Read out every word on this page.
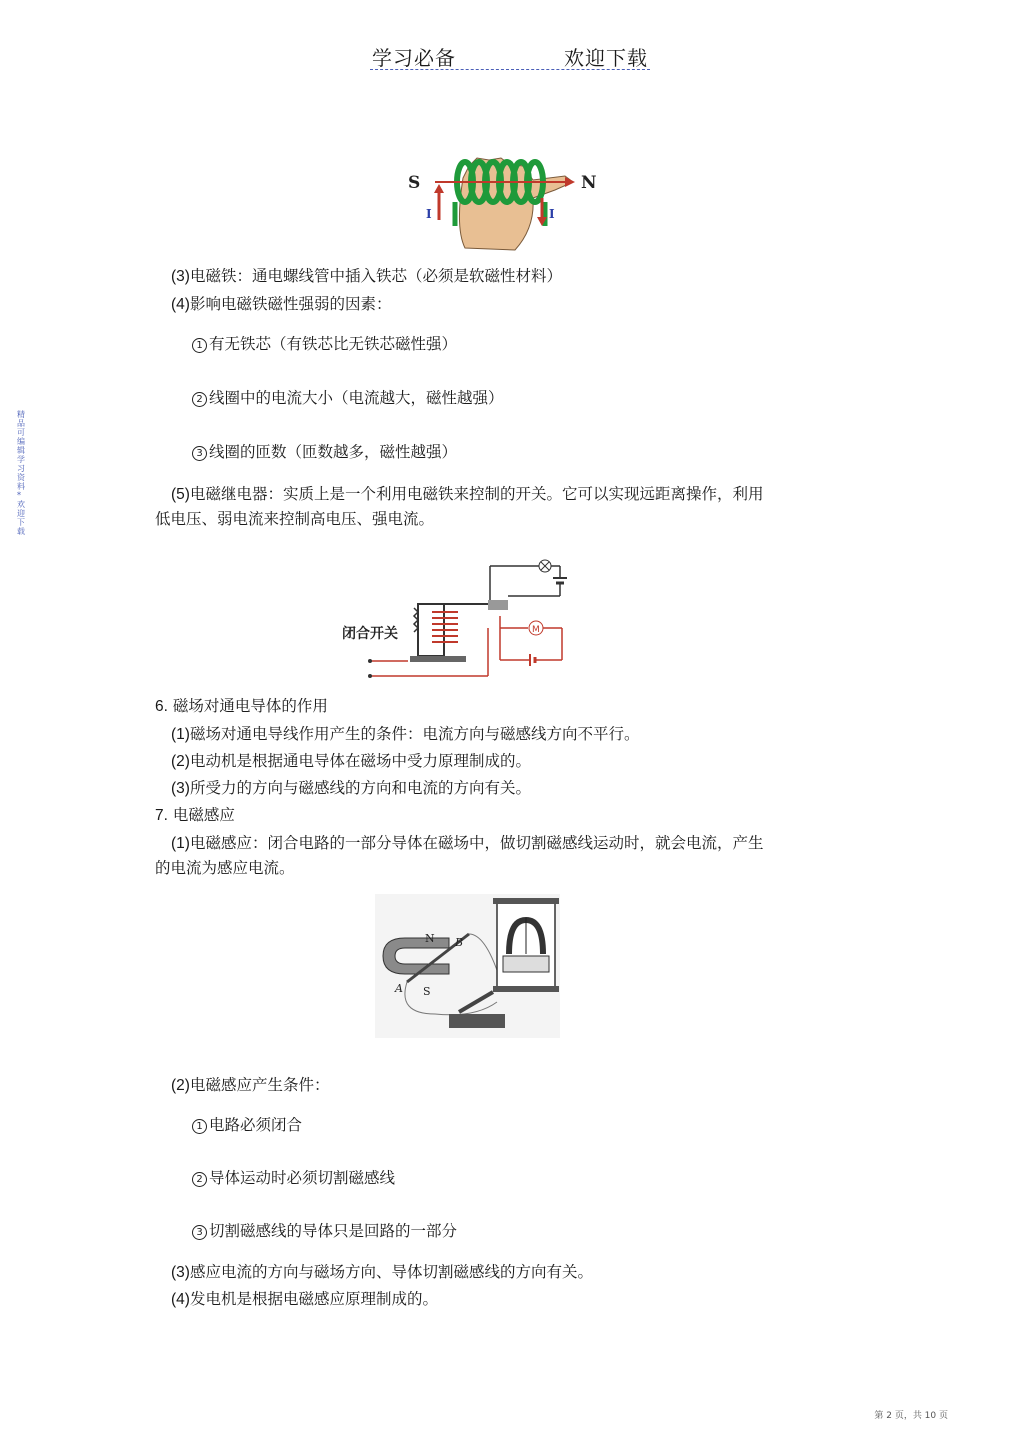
学习必备	欢迎下载
精品可编辑学习资料*欢迎下载
S	N
I	I
(3)电磁铁：通电螺线管中插入铁芯（必须是软磁性材料）
(4)影响电磁铁磁性强弱的因素：
1 有无铁芯（有铁芯比无铁芯磁性强）
2 线圈中的电流大小（电流越大，磁性越强）
3 线圈的匝数（匝数越多，磁性越强）
(5)电磁继电器：实质上是一个利用电磁铁来控制的开关。它可以实现远距离操作，利用
低电压、弱电流来控制高电压、强电流。
闭合开关	M
6. 磁场对通电导体的作用
(1)磁场对通电导线作用产生的条件：电流方向与磁感线方向不平行。
(2)电动机是根据通电导体在磁场中受力原理制成的。
(3)所受力的方向与磁感线的方向和电流的方向有关。
7. 电磁感应
(1)电磁感应：闭合电路的一部分导体在磁场中，做切割磁感线运动时，就会电流，产生
的电流为感应电流。
N
S
A
B
(2)电磁感应产生条件：
1 电路必须闭合
2 导体运动时必须切割磁感线
3 切割磁感线的导体只是回路的一部分
(3)感应电流的方向与磁场方向、导体切割磁感线的方向有关。
(4)发电机是根据电磁感应原理制成的。
第 2 页，共 10 页
